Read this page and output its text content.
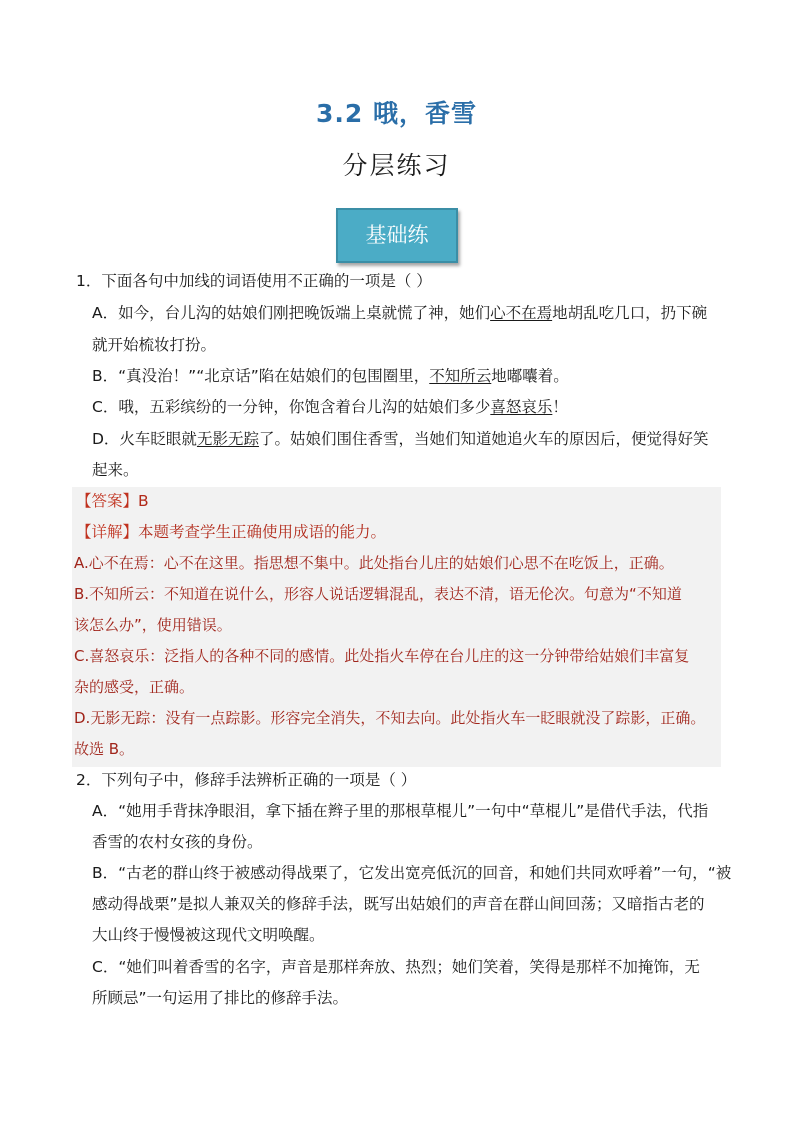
3.2 哦，香雪
分层练习
基础练
1．下面各句中加线的词语使用不正确的一项是（ ）
A．如今，台儿沟的姑娘们刚把晚饭端上桌就慌了神，她们心不在焉地胡乱吃几口，扔下碗
就开始梳妆打扮。
B．“真没治！”“北京话”陷在姑娘们的包围圈里，不知所云地嘟囔着。
C．哦，五彩缤纷的一分钟，你饱含着台儿沟的姑娘们多少喜怒哀乐！
D．火车眨眼就无影无踪了。姑娘们围住香雪，当她们知道她追火车的原因后，便觉得好笑
起来。
【答案】B
【详解】本题考查学生正确使用成语的能力。
A.心不在焉：心不在这里。指思想不集中。此处指台儿庄的姑娘们心思不在吃饭上，正确。
B.不知所云：不知道在说什么，形容人说话逻辑混乱，表达不清，语无伦次。句意为“不知道
该怎么办”，使用错误。
C.喜怒哀乐：泛指人的各种不同的感情。此处指火车停在台儿庄的这一分钟带给姑娘们丰富复
杂的感受，正确。
D.无影无踪：没有一点踪影。形容完全消失，不知去向。此处指火车一眨眼就没了踪影，正确。
故选 B。
2．下列句子中，修辞手法辨析正确的一项是（ ）
A．“她用手背抹净眼泪，拿下插在辫子里的那根草棍儿”一句中“草棍儿”是借代手法，代指
香雪的农村女孩的身份。
B．“古老的群山终于被感动得战栗了，它发出宽亮低沉的回音，和她们共同欢呼着”一句，“被
感动得战栗”是拟人兼双关的修辞手法，既写出姑娘们的声音在群山间回荡；又暗指古老的
大山终于慢慢被这现代文明唤醒。
C．“她们叫着香雪的名字，声音是那样奔放、热烈；她们笑着，笑得是那样不加掩饰，无
所顾忌”一句运用了排比的修辞手法。
